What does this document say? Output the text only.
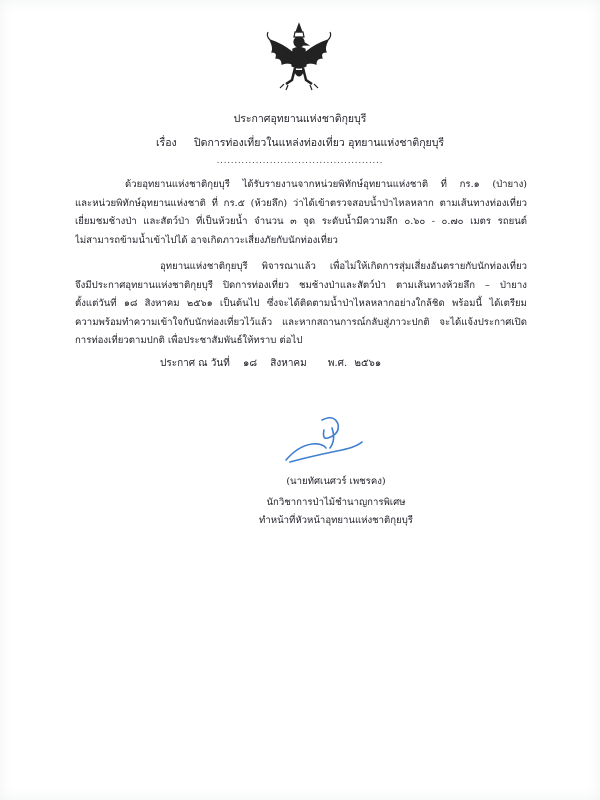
ประกาศอุทยานแห่งชาติกุยบุรี
เรื่อง ปิดการท่องเที่ยวในแหล่งท่องเที่ยว อุทยานแห่งชาติกุยบุรี
...............................................
ด้วยอุทยานแห่งชาติกุยบุรี ได้รับรายงานจากหน่วยพิทักษ์อุทยานแห่งชาติ ที่ กร.๑ (ป่ายาง)
และหน่วยพิทักษ์อุทยานแห่งชาติ ที่ กร.๕ (ห้วยลึก) ว่าได้เข้าตรวจสอบน้ำป่าไหลหลาก ตามเส้นทางท่องเที่ยว
เยี่ยมชมช้างป่า และสัตว์ป่า ที่เป็นห้วยน้ำ จำนวน ๓ จุด ระดับน้ำมีความลึก ๐.๖๐ - ๐.๗๐ เมตร รถยนต์
ไม่สามารถข้ามน้ำเข้าไปได้ อาจเกิดภาวะเสี่ยงภัยกับนักท่องเที่ยว
อุทยานแห่งชาติกุยบุรี พิจารณาแล้ว เพื่อไม่ให้เกิดการสุ่มเสี่ยงอันตรายกับนักท่องเที่ยว
จึงมีประกาศอุทยานแห่งชาติกุยบุรี ปิดการท่องเที่ยว ชมช้างป่าและสัตว์ป่า ตามเส้นทางห้วยลึก – ป่ายาง
ตั้งแต่วันที่ ๑๘ สิงหาคม ๒๕๖๑ เป็นต้นไป ซึ่งจะได้ติดตามน้ำป่าไหลหลากอย่างใกล้ชิด พร้อมนี้ ได้เตรียม
ความพร้อมทำความเข้าใจกับนักท่องเที่ยวไว้แล้ว และหากสถานการณ์กลับสู่ภาวะปกติ จะได้แจ้งประกาศเปิด
การท่องเที่ยวตามปกติ เพื่อประชาสัมพันธ์ให้ทราบ ต่อไป
ประกาศ ณ วันที่ ๑๘ สิงหาคม พ.ศ. ๒๕๖๑
(นายทัศเนศวร์ เพชรคง)
นักวิชาการป่าไม้ชำนาญการพิเศษ
ทำหน้าที่หัวหน้าอุทยานแห่งชาติกุยบุรี
